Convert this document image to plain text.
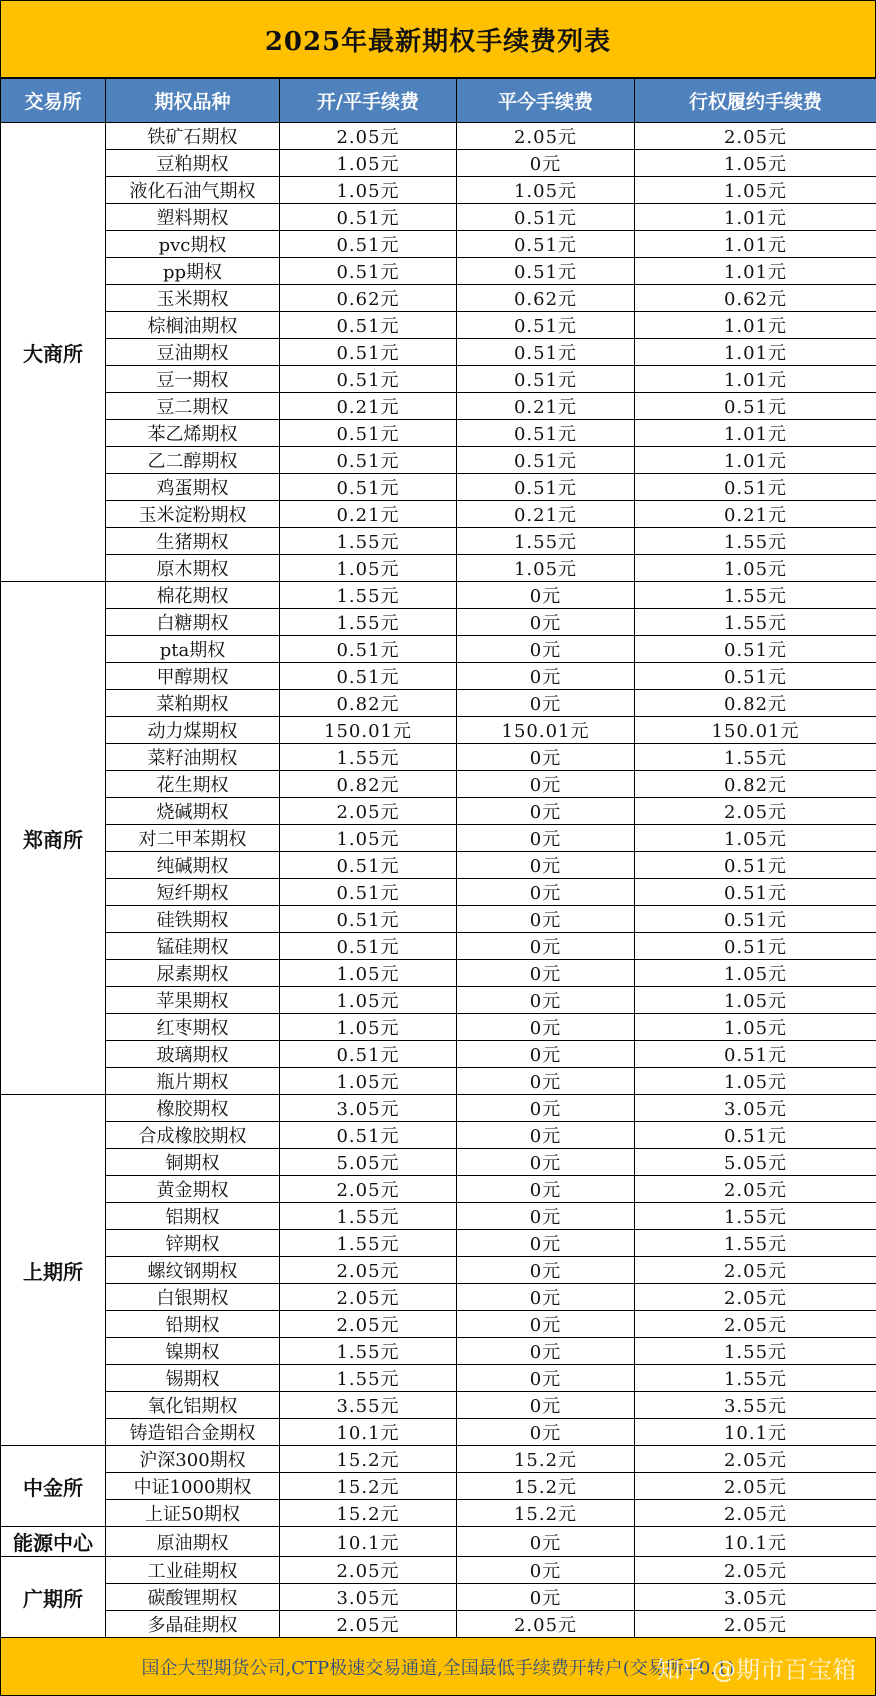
2025年最新期权手续费列表
交易所	期权品种	开/平手续费	平今手续费	行权履约手续费
大商所	铁矿石期权	2.05元	2.05元	2.05元
	豆粕期权	1.05元	0元	1.05元
	液化石油气期权	1.05元	1.05元	1.05元
	塑料期权	0.51元	0.51元	1.01元
	pvc期权	0.51元	0.51元	1.01元
	pp期权	0.51元	0.51元	1.01元
	玉米期权	0.62元	0.62元	0.62元
	棕榈油期权	0.51元	0.51元	1.01元
	豆油期权	0.51元	0.51元	1.01元
	豆一期权	0.51元	0.51元	1.01元
	豆二期权	0.21元	0.21元	0.51元
	苯乙烯期权	0.51元	0.51元	1.01元
	乙二醇期权	0.51元	0.51元	1.01元
	鸡蛋期权	0.51元	0.51元	0.51元
	玉米淀粉期权	0.21元	0.21元	0.21元
	生猪期权	1.55元	1.55元	1.55元
	原木期权	1.05元	1.05元	1.05元
郑商所	棉花期权	1.55元	0元	1.55元
	白糖期权	1.55元	0元	1.55元
	pta期权	0.51元	0元	0.51元
	甲醇期权	0.51元	0元	0.51元
	菜粕期权	0.82元	0元	0.82元
	动力煤期权	150.01元	150.01元	150.01元
	菜籽油期权	1.55元	0元	1.55元
	花生期权	0.82元	0元	0.82元
	烧碱期权	2.05元	0元	2.05元
	对二甲苯期权	1.05元	0元	1.05元
	纯碱期权	0.51元	0元	0.51元
	短纤期权	0.51元	0元	0.51元
	硅铁期权	0.51元	0元	0.51元
	锰硅期权	0.51元	0元	0.51元
	尿素期权	1.05元	0元	1.05元
	苹果期权	1.05元	0元	1.05元
	红枣期权	1.05元	0元	1.05元
	玻璃期权	0.51元	0元	0.51元
	瓶片期权	1.05元	0元	1.05元
上期所	橡胶期权	3.05元	0元	3.05元
	合成橡胶期权	0.51元	0元	0.51元
	铜期权	5.05元	0元	5.05元
	黄金期权	2.05元	0元	2.05元
	铝期权	1.55元	0元	1.55元
	锌期权	1.55元	0元	1.55元
	螺纹钢期权	2.05元	0元	2.05元
	白银期权	2.05元	0元	2.05元
	铅期权	2.05元	0元	2.05元
	镍期权	1.55元	0元	1.55元
	锡期权	1.55元	0元	1.55元
	氧化铝期权	3.55元	0元	3.55元
	铸造铝合金期权	10.1元	0元	10.1元
中金所	沪深300期权	15.2元	15.2元	2.05元
	中证1000期权	15.2元	15.2元	2.05元
	上证50期权	15.2元	15.2元	2.05元
能源中心	原油期权	10.1元	0元	10.1元
广期所	工业硅期权	2.05元	0元	2.05元
	碳酸锂期权	3.05元	0元	3.05元
	多晶硅期权	2.05元	2.05元	2.05元
国企大型期货公司,CTP极速交易通道,全国最低手续费开转户(交易所+0.1)
知乎 @期市百宝箱
